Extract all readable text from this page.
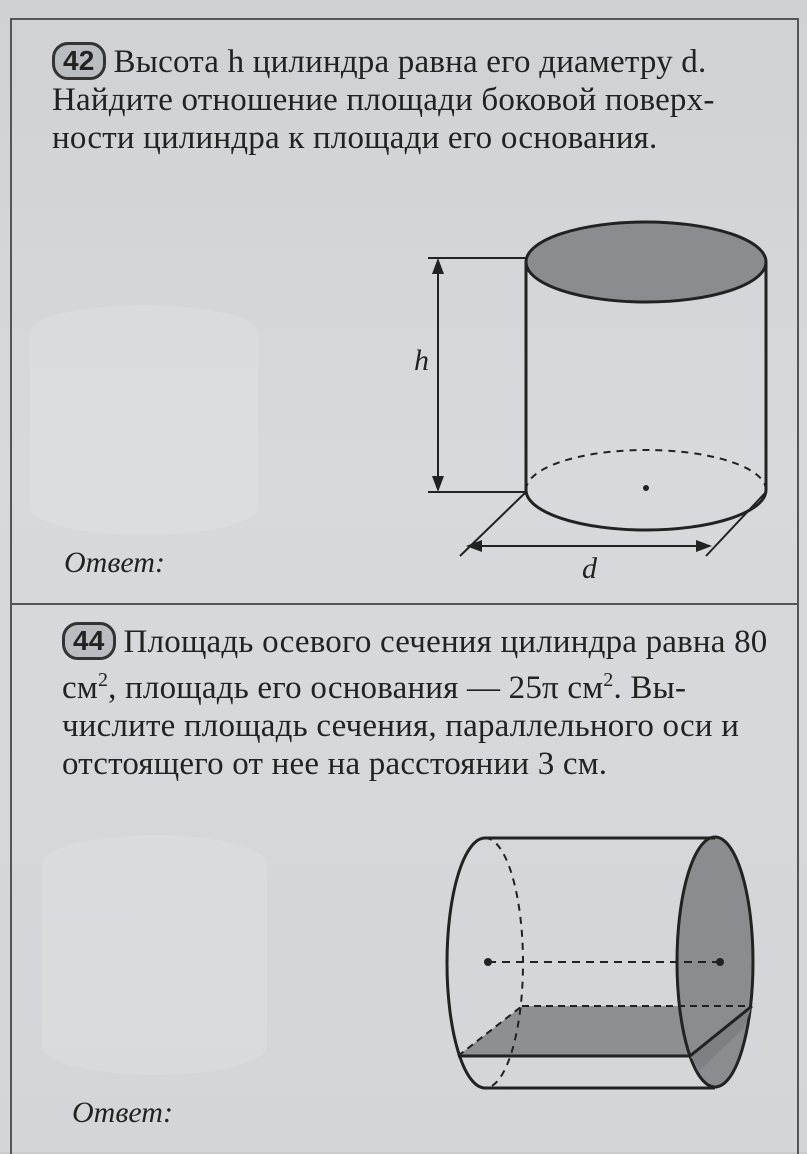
42 Высота h цилиндра равна его диаметру d. Найдите отношение площади боковой поверхности цилиндра к площади его основания.
Ответ:
h
d
44 Площадь осевого сечения цилиндра равна 80 $см^2$, площадь его основания — 25π $см^2$. Вычислите площадь сечения, параллельного оси и отстоящего от нее на расстоянии 3 см.
Ответ:
